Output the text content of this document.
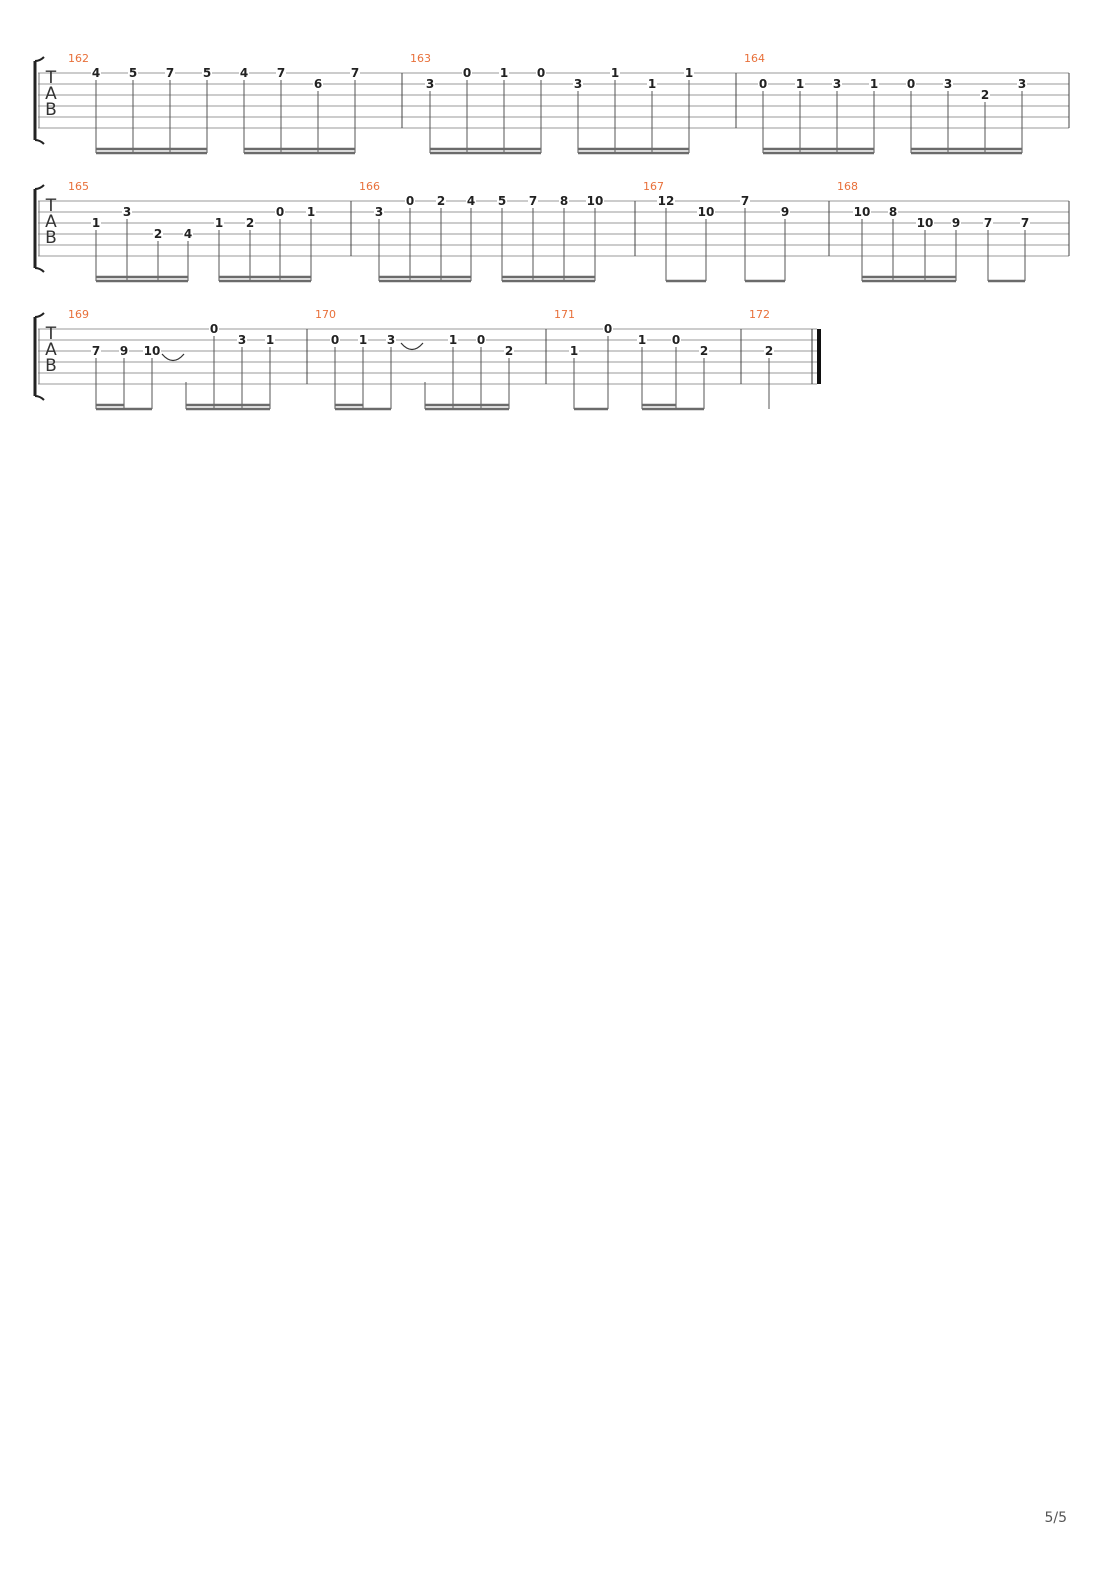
T
A
B
162
4 5 7 5 4 7
6
7
163
3
0 1 0
3
1
1
1
164
0 1 3 1 0 3
2
3
T
A
B
165
1
3
2 4
1 2
0 1
166
3
0 2 4 5 7 8 10
167
12
10
7
9
168
10 8
10 9 7 7
T
A
B
169
7 9 10
0
3 1
170
0 1 3	1 0
2
171
1
0
1 0
2
172
2
5/5
